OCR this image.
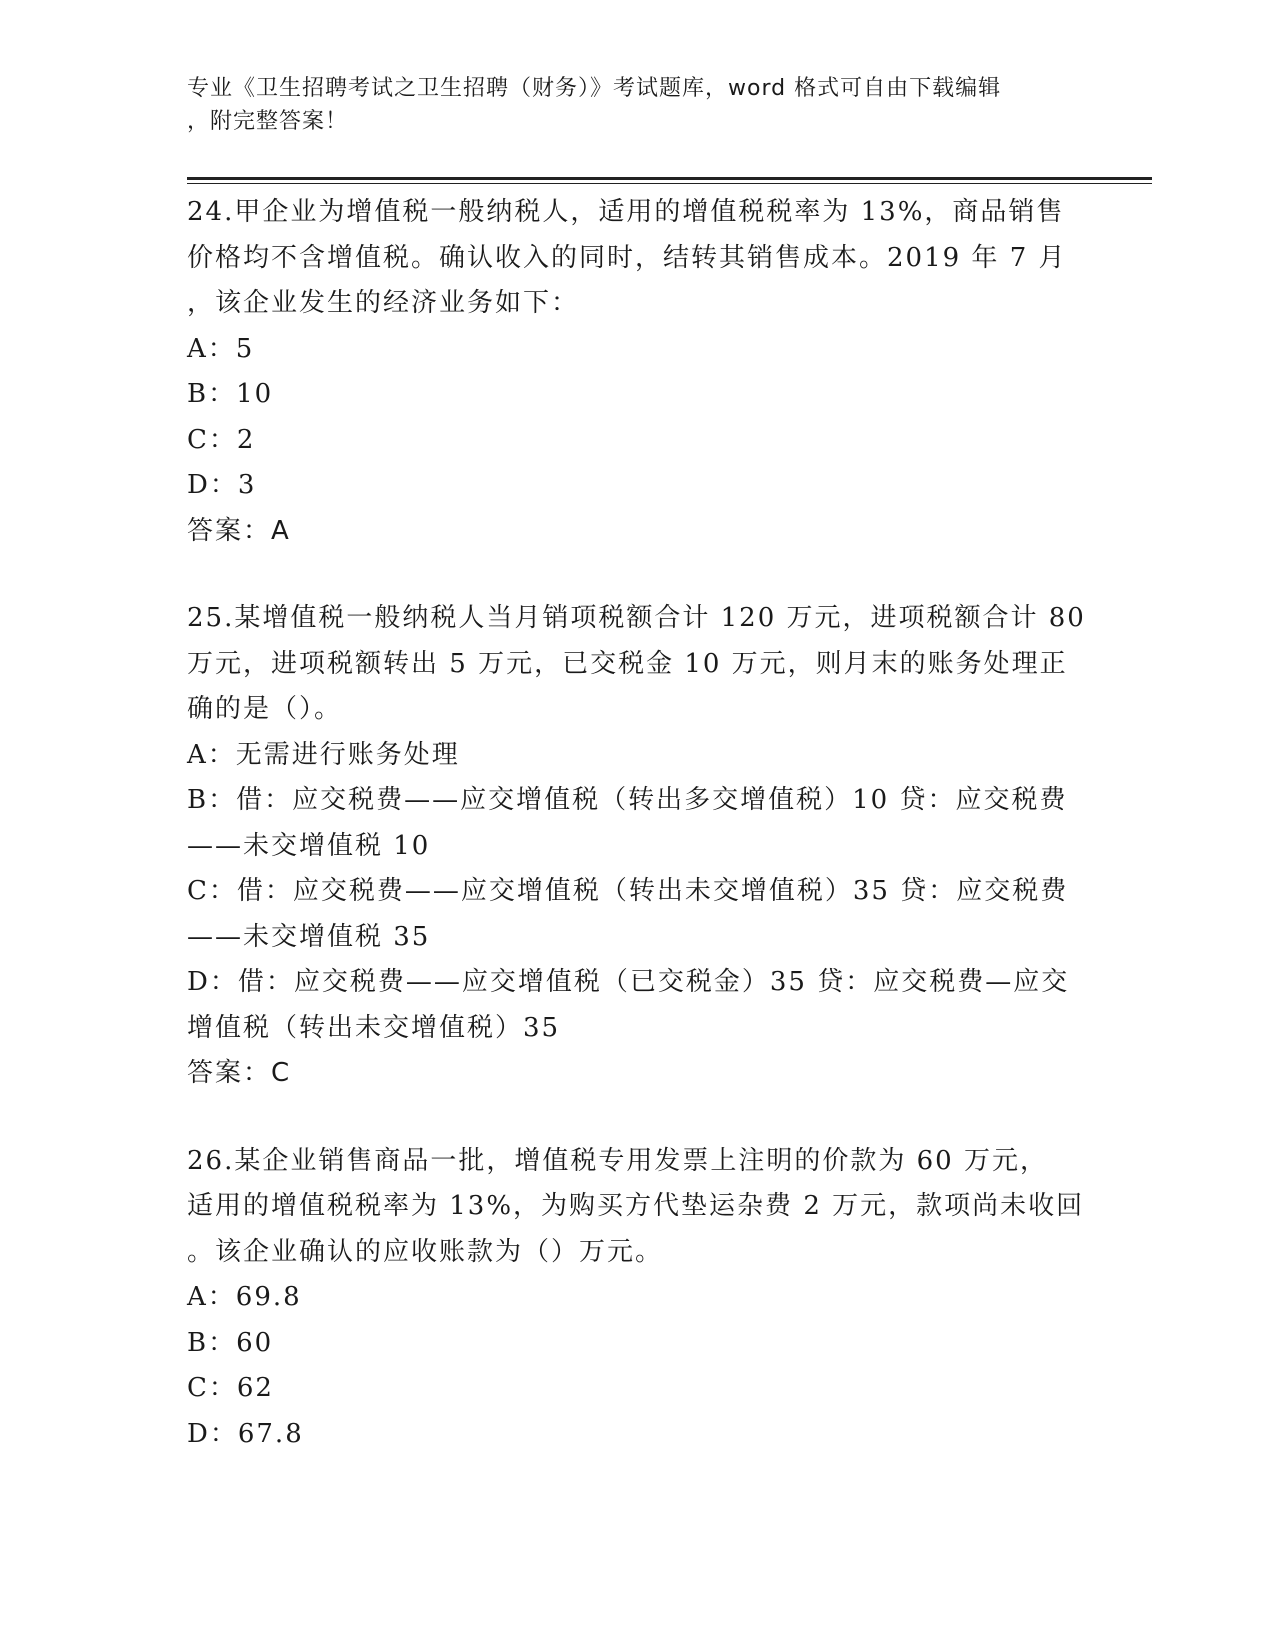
专业《卫生招聘考试之卫生招聘（财务）》考试题库，word 格式可自由下载编辑
，附完整答案！

24.甲企业为增值税一般纳税人，适用的增值税税率为 13%，商品销售

价格均不含增值税。确认收入的同时，结转其销售成本。2019 年 7 月

，该企业发生的经济业务如下：

A：5

B：10

C：2

D：3

答案：A

25.某增值税一般纳税人当月销项税额合计 120 万元，进项税额合计 80

万元，进项税额转出 5 万元，已交税金 10 万元，则月末的账务处理正

确的是（）。

A：无需进行账务处理

B：借：应交税费——应交增值税（转出多交增值税）10 贷：应交税费

——未交增值税 10

C：借：应交税费——应交增值税（转出未交增值税）35 贷：应交税费

——未交增值税 35

D：借：应交税费——应交增值税（已交税金）35 贷：应交税费—应交

增值税（转出未交增值税）35

答案：C

26.某企业销售商品一批，增值税专用发票上注明的价款为 60 万元，

适用的增值税税率为 13%，为购买方代垫运杂费 2 万元，款项尚未收回

。该企业确认的应收账款为（）万元。

A：69.8

B：60

C：62

D：67.8
